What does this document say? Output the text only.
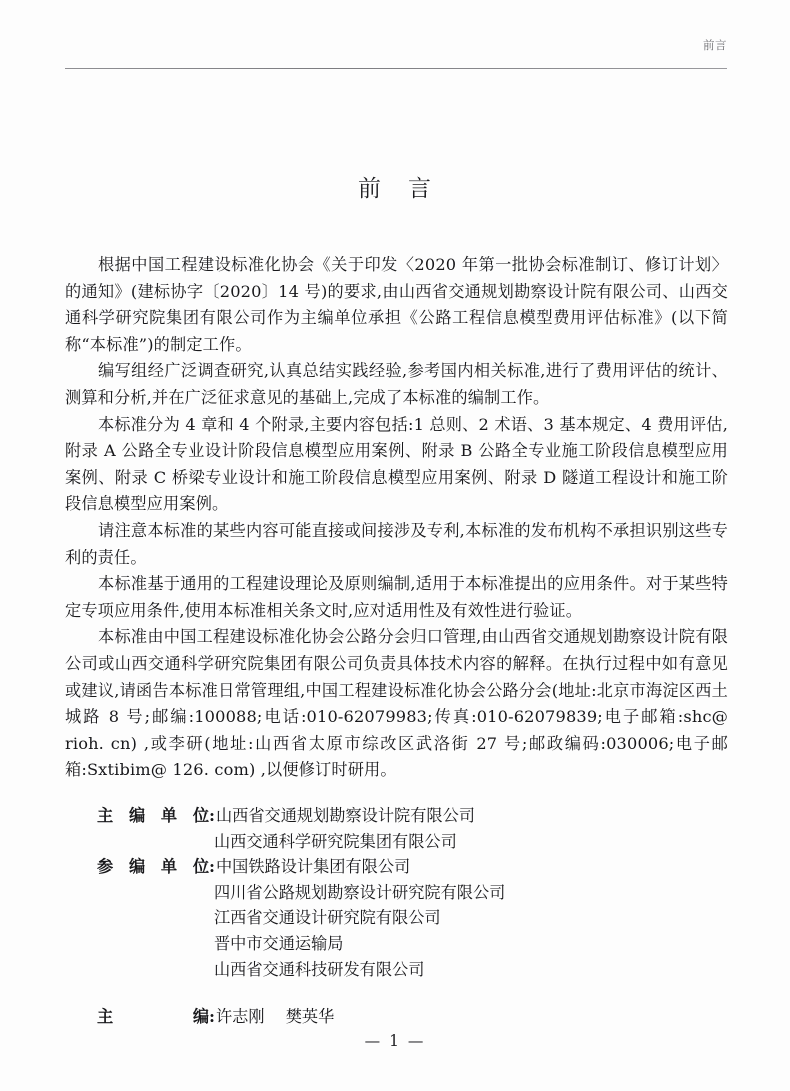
前言
前 言

根据中国工程建设标准化协会《关于印发〈2020 年第一批协会标准制订、修订计划〉的通知》(建标协字〔2020〕14 号)的要求,由山西省交通规划勘察设计院有限公司、山西交通科学研究院集团有限公司作为主编单位承担《公路工程信息模型费用评估标准》(以下简称“本标准”)的制定工作。

编写组经广泛调查研究,认真总结实践经验,参考国内相关标准,进行了费用评估的统计、测算和分析,并在广泛征求意见的基础上,完成了本标准的编制工作。

本标准分为 4 章和 4 个附录,主要内容包括:1 总则、2 术语、3 基本规定、4 费用评估,附录 A 公路全专业设计阶段信息模型应用案例、附录 B 公路全专业施工阶段信息模型应用案例、附录 C 桥梁专业设计和施工阶段信息模型应用案例、附录 D 隧道工程设计和施工阶段信息模型应用案例。

请注意本标准的某些内容可能直接或间接涉及专利,本标准的发布机构不承担识别这些专利的责任。

本标准基于通用的工程建设理论及原则编制,适用于本标准提出的应用条件。对于某些特定专项应用条件,使用本标准相关条文时,应对适用性及有效性进行验证。

本标准由中国工程建设标准化协会公路分会归口管理,由山西省交通规划勘察设计院有限公司或山西交通科学研究院集团有限公司负责具体技术内容的解释。在执行过程中如有意见或建议,请函告本标准日常管理组,中国工程建设标准化协会公路分会(地址:北京市海淀区西土城路 8 号;邮编:100088;电话:010-62079983;传真:010-62079839;电子邮箱:shc@ rioh. cn) ,或李研(地址:山西省太原市综改区武洛街 27 号;邮政编码:030006;电子邮箱:Sxtibim@ 126. com) ,以便修订时研用。

主 编 单 位 : 山西省交通规划勘察设计院有限公司
山西交通科学研究院集团有限公司
参 编 单 位 : 中国铁路设计集团有限公司
四川省公路规划勘察设计研究院有限公司
江西省交通设计研究院有限公司
晋中市交通运输局
山西省交通科技研发有限公司
主	编 : 许志刚 樊英华
— 1 —
